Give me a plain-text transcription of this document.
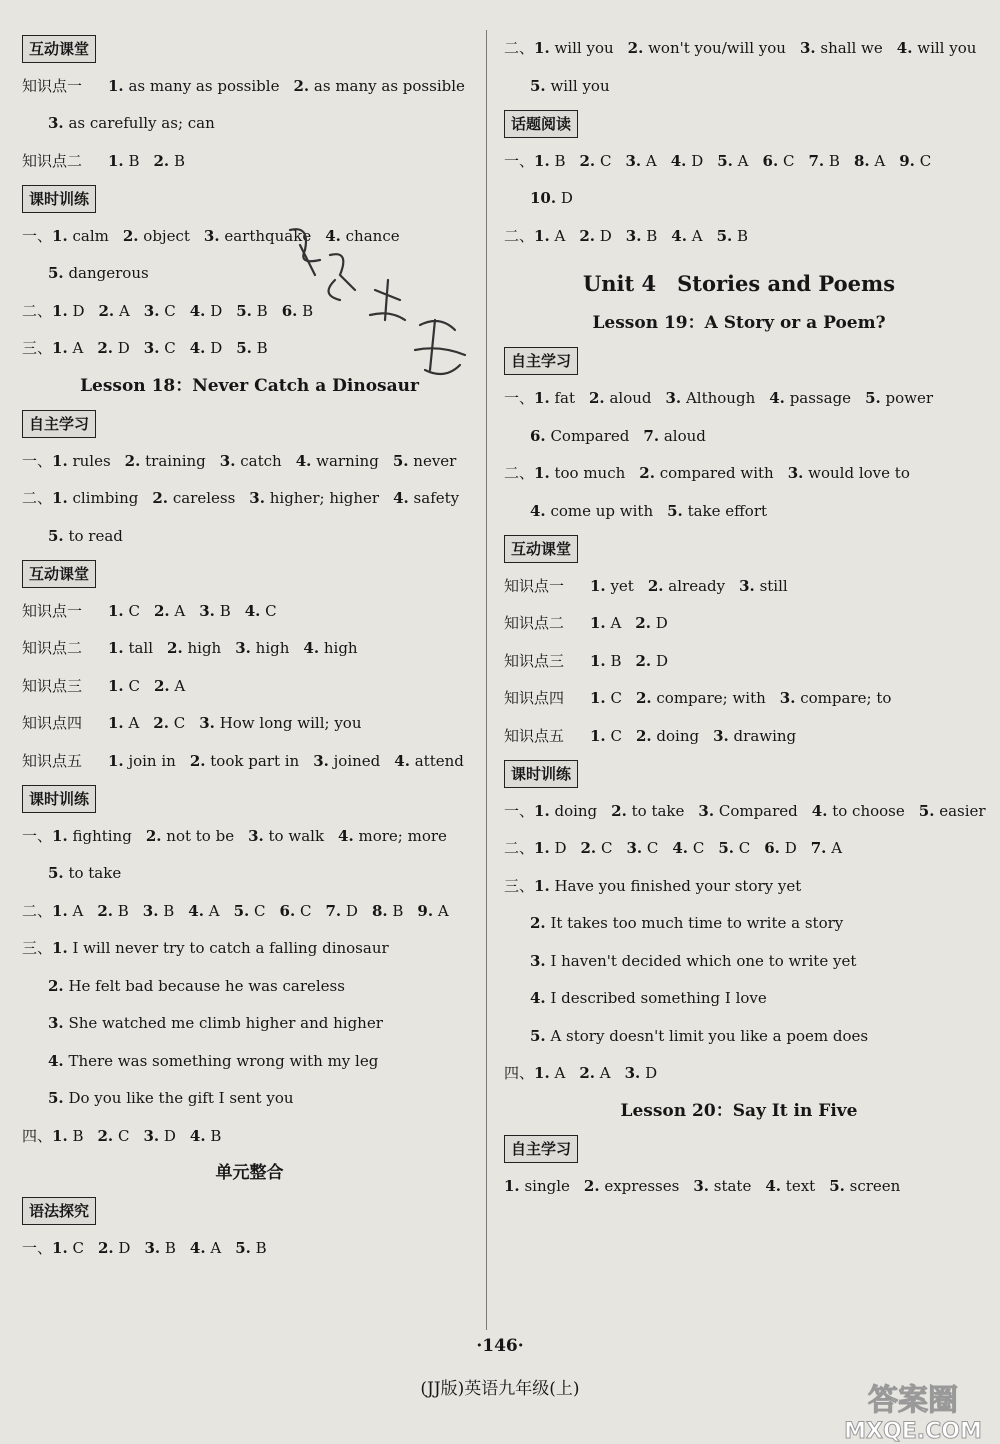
互动课堂
知识点一 1. as many as possible 2. as many as possible
3. as carefully as; can
知识点二 1. B 2. B
课时训练
一、1. calm 2. object 3. earthquake 4. chance
5. dangerous
二、1. D 2. A 3. C 4. D 5. B 6. B
三、1. A 2. D 3. C 4. D 5. B
Lesson 18：Never Catch a Dinosaur
自主学习
一、1. rules 2. training 3. catch 4. warning 5. never
二、1. climbing 2. careless 3. higher; higher 4. safety
5. to read
互动课堂
知识点一 1. C 2. A 3. B 4. C
知识点二 1. tall 2. high 3. high 4. high
知识点三 1. C 2. A
知识点四 1. A 2. C 3. How long will; you
知识点五 1. join in 2. took part in 3. joined 4. attend
课时训练
一、1. fighting 2. not to be 3. to walk 4. more; more
5. to take
二、1. A 2. B 3. B 4. A 5. C 6. C 7. D 8. B 9. A
三、1. I will never try to catch a falling dinosaur
2. He felt bad because he was careless
3. She watched me climb higher and higher
4. There was something wrong with my leg
5. Do you like the gift I sent you
四、1. B 2. C 3. D 4. B
单元整合
语法探究
一、1. C 2. D 3. B 4. A 5. B
二、1. will you 2. won't you/will you 3. shall we 4. will you
5. will you
话题阅读
一、1. B 2. C 3. A 4. D 5. A 6. C 7. B 8. A 9. C
10. D
二、1. A 2. D 3. B 4. A 5. B
Unit 4　Stories and Poems
Lesson 19：A Story or a Poem?
自主学习
一、1. fat 2. aloud 3. Although 4. passage 5. power
6. Compared 7. aloud
二、1. too much 2. compared with 3. would love to
4. come up with 5. take effort
互动课堂
知识点一 1. yet 2. already 3. still
知识点二 1. A 2. D
知识点三 1. B 2. D
知识点四 1. C 2. compare; with 3. compare; to
知识点五 1. C 2. doing 3. drawing
课时训练
一、1. doing 2. to take 3. Compared 4. to choose 5. easier
二、1. D 2. C 3. C 4. C 5. C 6. D 7. A
三、1. Have you finished your story yet
2. It takes too much time to write a story
3. I haven't decided which one to write yet
4. I described something I love
5. A story doesn't limit you like a poem does
四、1. A 2. A 3. D
Lesson 20：Say It in Five
自主学习
1. single 2. expresses 3. state 4. text 5. screen
·146·
(JJ版)英语九年级(上)	答案圈
MXQE.COM
